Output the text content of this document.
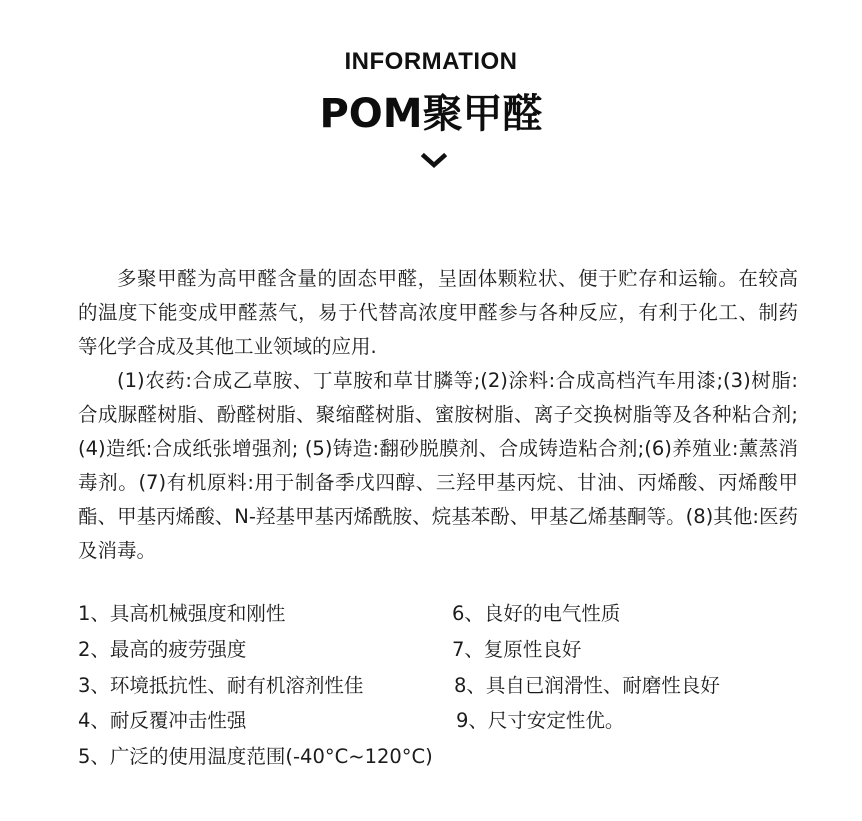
INFORMATION
POM聚甲醛

多聚甲醛为高甲醛含量的固态甲醛，呈固体颗粒状、便于贮存和运输。在较高的温度下能变成甲醛蒸气，易于代替高浓度甲醛参与各种反应，有利于化工、制药等化学合成及其他工业领域的应用.

(1)农药:合成乙草胺、丁草胺和草甘膦等;(2)涂料:合成高档汽车用漆;(3)树脂:合成脲醛树脂、酚醛树脂、聚缩醛树脂、蜜胺树脂、离子交换树脂等及各种粘合剂;(4)造纸:合成纸张增强剂; (5)铸造:翻砂脱膜剂、合成铸造粘合剂;(6)养殖业:薰蒸消毒剂。(7)有机原料:用于制备季戊四醇、三羟甲基丙烷、甘油、丙烯酸、丙烯酸甲酯、甲基丙烯酸、N-羟基甲基丙烯酰胺、烷基苯酚、甲基乙烯基酮等。(8)其他:医药及消毒。

1、具高机械强度和刚性
2、最高的疲劳强度
3、环境抵抗性、耐有机溶剂性佳
4、耐反覆冲击性强
5、广泛的使用温度范围(-40°C~120°C)
6、良好的电气性质
7、复原性良好
8、具自已润滑性、耐磨性良好
9、尺寸安定性优。
